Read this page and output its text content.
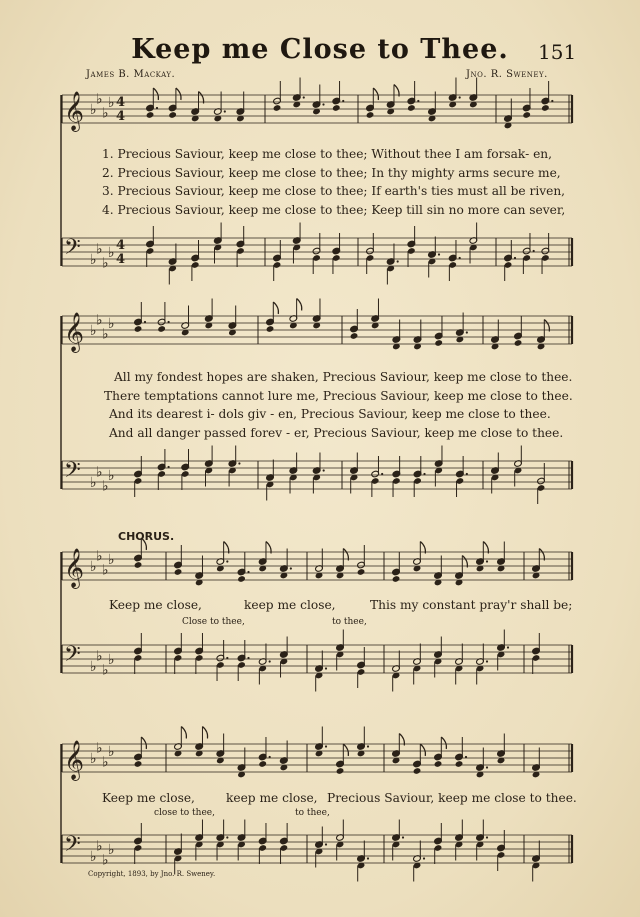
Keep me Close to Thee.	151
James B. Mackay.	Jno. R. Sweney.
𝄞 ♭
♭
♭
♭ 4
4
𝄢 ♭
♭
♭
♭ 4
4
𝄞 ♭
♭
♭
♭
𝄢 ♭
♭
♭
♭
𝄞 ♭
♭
♭
♭
𝄢 ♭
♭
♭
♭
𝄞 ♭
♭
♭
♭
𝄢 ♭
♭
♭
♭
1. Precious Saviour, keep me close to thee; Without thee I am forsak- en,
2. Precious Saviour, keep me close to thee; In thy mighty arms secure me,
3. Precious Saviour, keep me close to thee; If earth's ties must all be riven,
4. Precious Saviour, keep me close to thee; Keep till sin no more can sever,
All my fondest hopes are shaken, Precious Saviour, keep me close to thee.
There temptations cannot lure me, Precious Saviour, keep me close to thee.
And its dearest i- dols giv - en, Precious Saviour, keep me close to thee.
And all danger passed forev - er, Precious Saviour, keep me close to thee.
CHORUS.
Keep me close,	keep me close,	This my constant pray'r shall be;
Close to thee,	to thee,
Keep me close,	keep me close, Precious Saviour, keep me close to thee.
close to thee,	to thee,
Copyright, 1893, by Jno. R. Sweney.
